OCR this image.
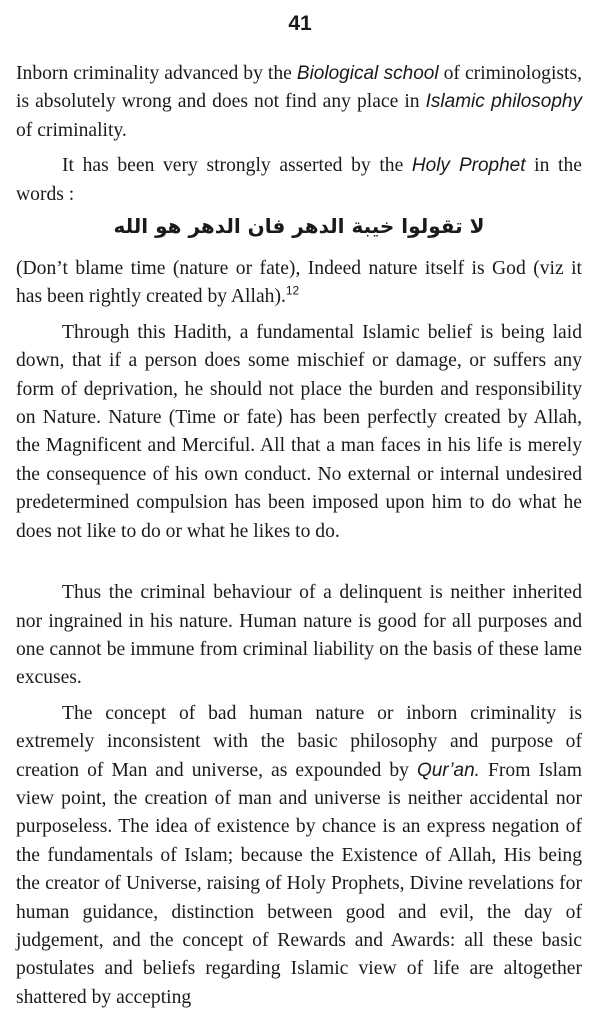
41

Inborn criminality advanced by the Biological school of criminologists, is absolutely wrong and does not find any place in Islamic philosophy of criminality.

It has been very strongly asserted by the Holy Prophet in the words :

لا تقولوا خيبة الدهر فان الدهر هو الله

(Don’t blame time (nature or fate), Indeed nature itself is God (viz it has been rightly created by Allah).$^{12}$

Through this Hadith, a fundamental Islamic belief is being laid down, that if a person does some mischief or damage, or suffers any form of deprivation, he should not place the burden and responsibility on Nature. Nature (Time or fate) has been perfectly created by Allah, the Magnificent and Merciful. All that a man faces in his life is merely the consequence of his own conduct. No external or internal undesired predetermined compulsion has been imposed upon him to do what he does not like to do or what he likes to do.

Thus the criminal behaviour of a delinquent is neither inherited nor ingrained in his nature. Human nature is good for all purposes and one cannot be immune from criminal liability on the basis of these lame excuses.

The concept of bad human nature or inborn criminality is extremely inconsistent with the basic philosophy and purpose of creation of Man and universe, as expounded by Qur’an. From Islam view point, the creation of man and universe is neither accidental nor purposeless. The idea of existence by chance is an express negation of the fundamentals of Islam; because the Existence of Allah, His being the creator of Universe, raising of Holy Prophets, Divine revelations for human guidance, distinction between good and evil, the day of judgement, and the concept of Rewards and Awards: all these basic postulates and beliefs regarding Islamic view of life are altogether shattered by accepting
